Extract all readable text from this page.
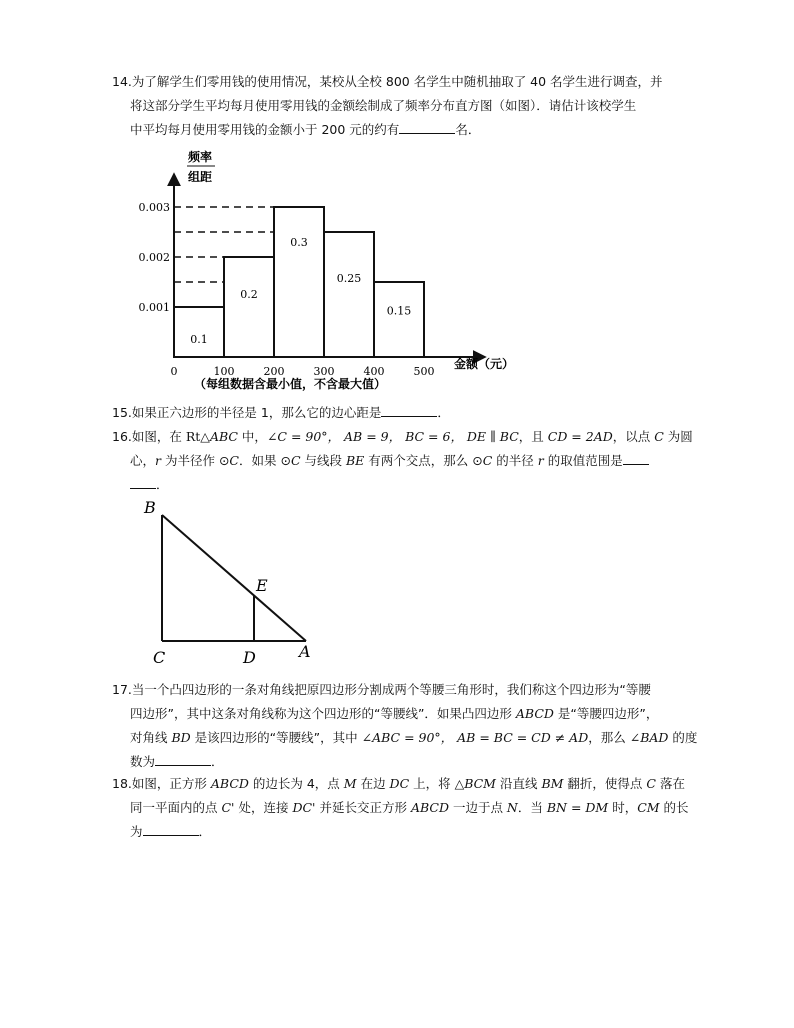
14.为了解学生们零用钱的使用情况，某校从全校 800 名学生中随机抽取了 40 名学生进行调查，并
将这部分学生平均每月使用零用钱的金额绘制成了频率分布直方图（如图）．请估计该校学生
中平均每月使用零用钱的金额小于 200 元的约有	名．
0.1
0.2
0.3
0.25
0.15
0	100	200	300	400	500
0.001
0.002
0.003
频率
组距
金额（元）
（每组数据含最小值，不含最大值）
15.如果正六边形的半径是 1，那么它的边心距是	．
16.如图，在 Rt△ABC 中，∠C = 90°， AB = 9， BC = 6， DE ∥ BC，且 CD = 2AD，以点 C 为圆
心，r 为半径作 ⊙C．如果 ⊙C 与线段 BE 有两个交点，那么 ⊙C 的半径 r 的取值范围是
．
B
E
C	D	A
17.当一个凸四边形的一条对角线把原四边形分割成两个等腰三角形时，我们称这个四边形为“等腰
四边形”，其中这条对角线称为这个四边形的“等腰线”．如果凸四边形 ABCD 是“等腰四边形”，
对角线 BD 是该四边形的“等腰线”，其中 ∠ABC = 90°， AB = BC = CD ≠ AD，那么 ∠BAD 的度
数为	．
18.如图，正方形 ABCD 的边长为 4，点 M 在边 DC 上，将 △BCM 沿直线 BM 翻折，使得点 C 落在
同一平面内的点 C' 处，连接 DC' 并延长交正方形 ABCD 一边于点 N．当 BN = DM 时，CM 的长
为	．
